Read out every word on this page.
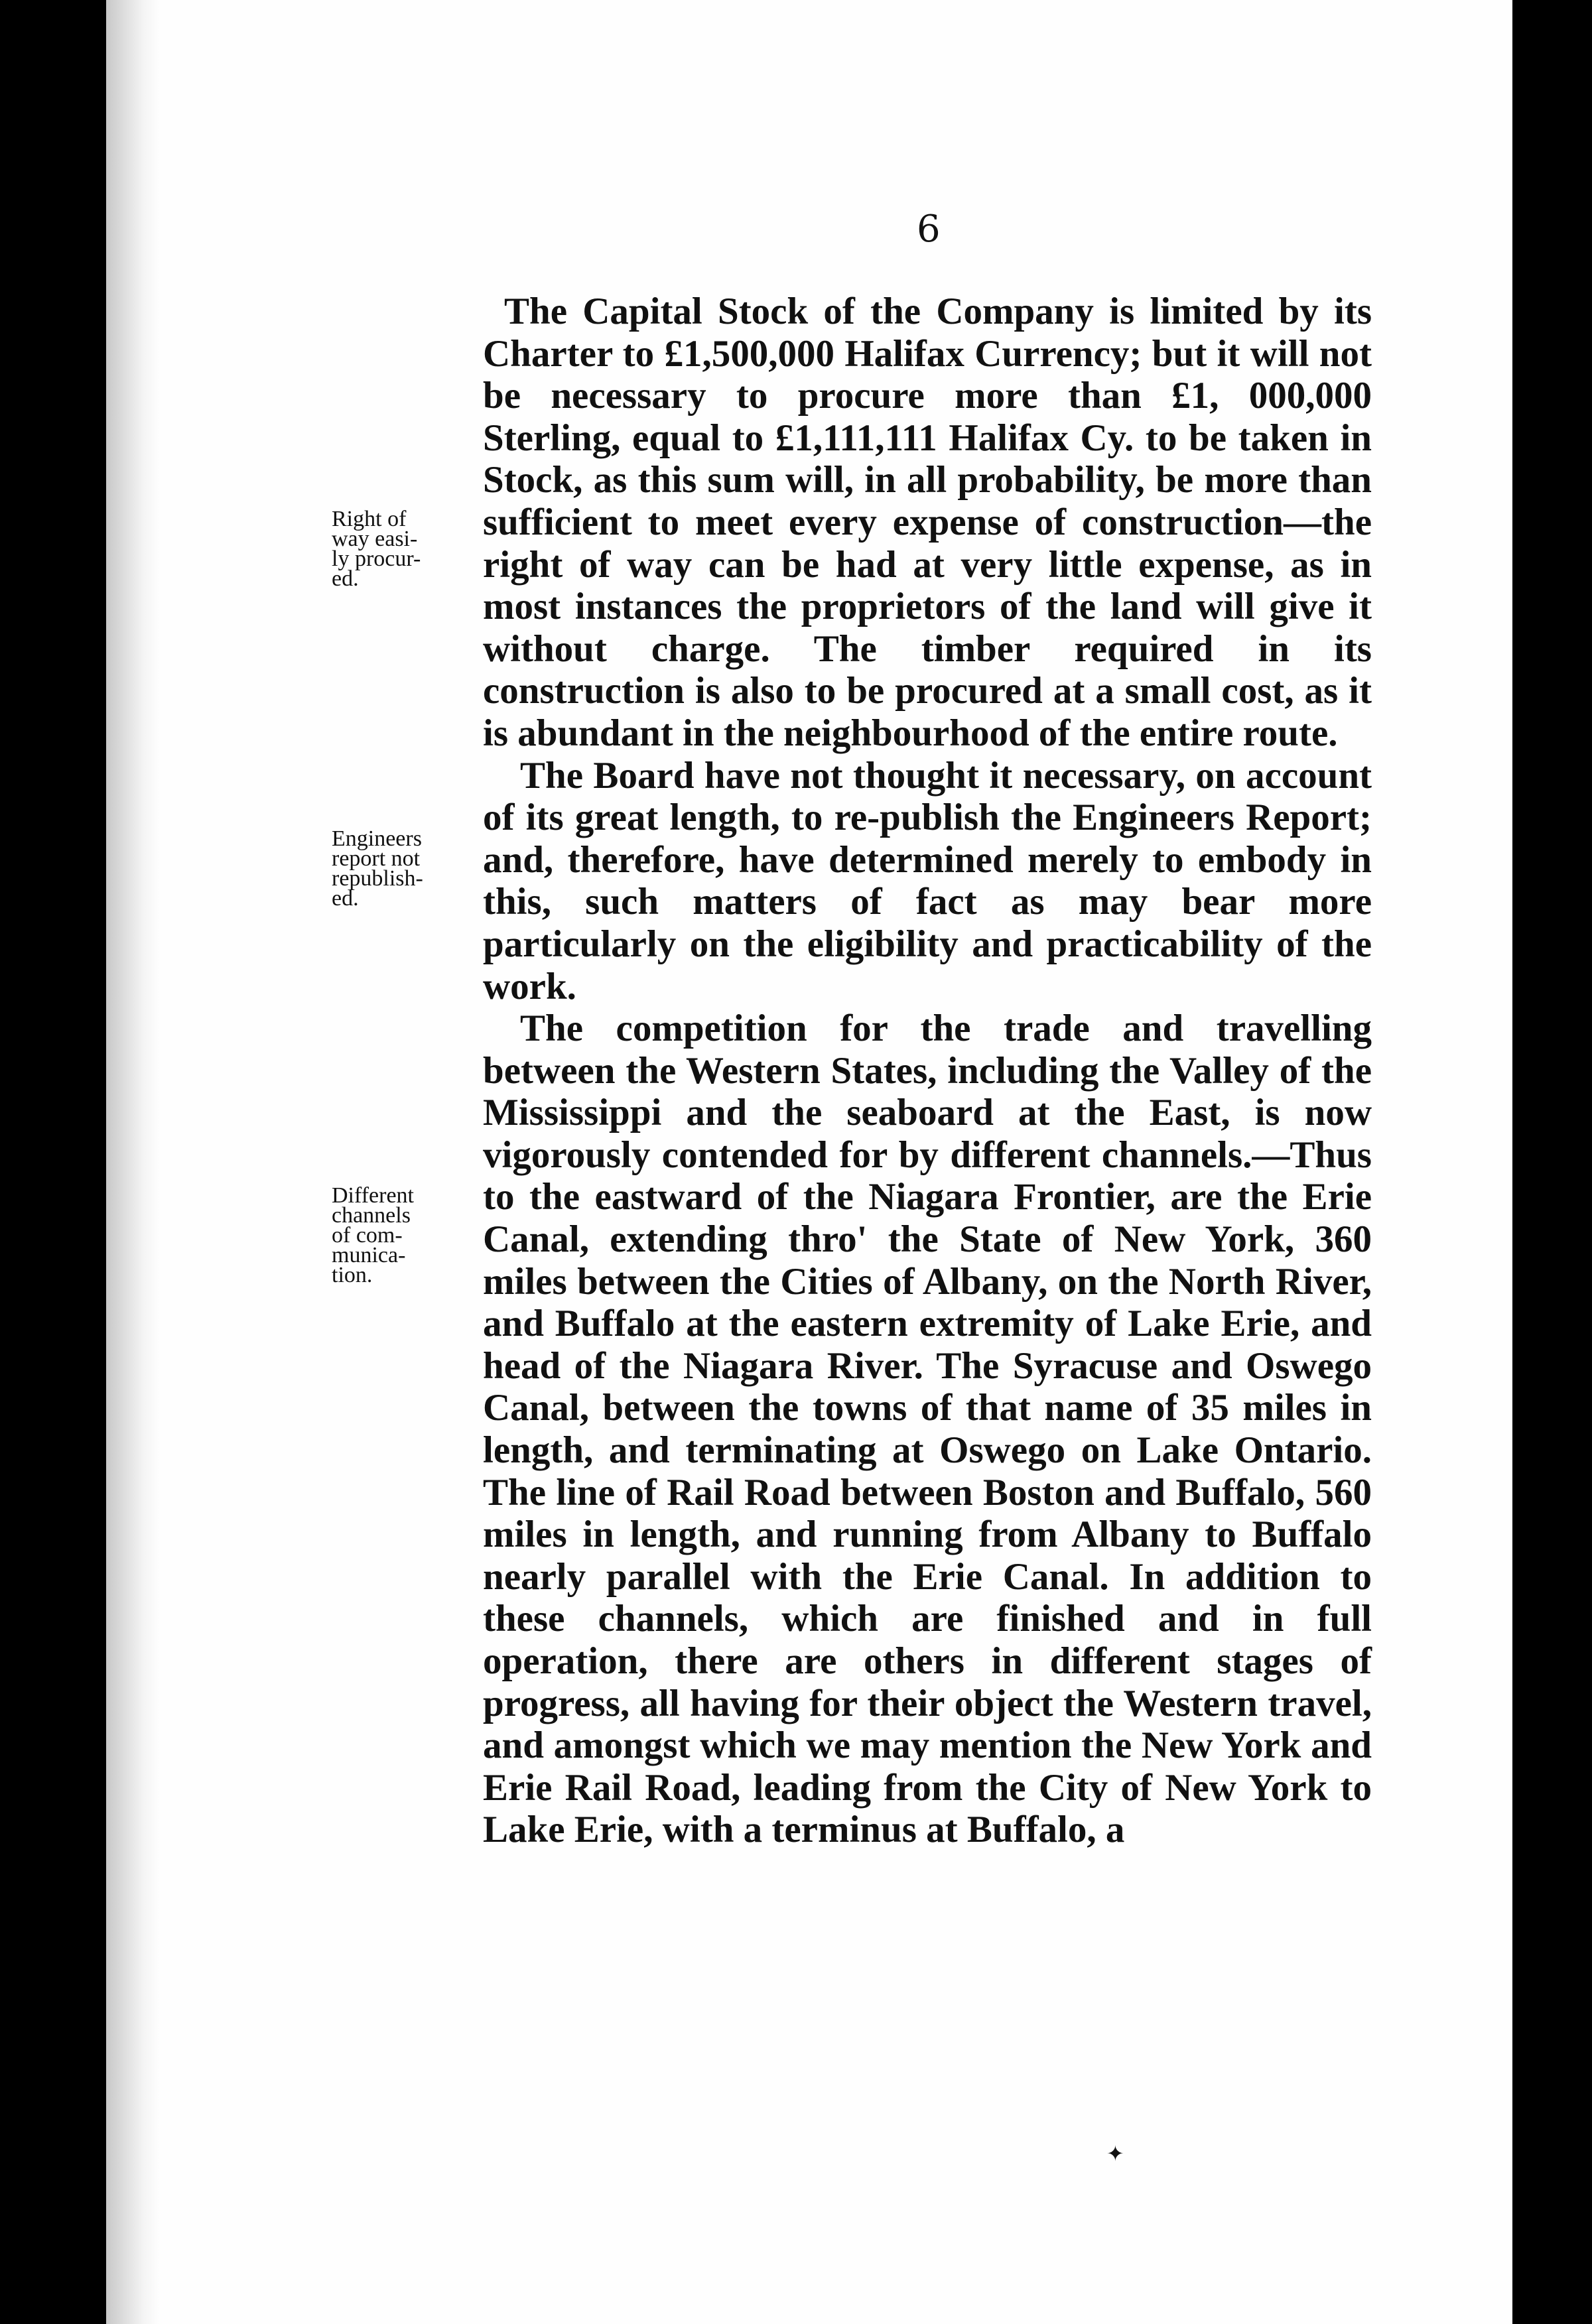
6
Right of
way easi-
ly procur-
ed.
Engineers
report not
republish-
ed.
Different
channels
of com-
munica-
tion.

The Capital Stock of the Company is limited by its Charter to £1,500,000 Halifax Currency; but it will not be necessary to procure more than £1, 000,000 Sterling, equal to £1,111,111 Halifax Cy. to be taken in Stock, as this sum will, in all probability, be more than sufficient to meet every expense of construction—the right of way can be had at very little expense, as in most instances the proprietors of the land will give it without charge. The timber required in its construction is also to be procured at a small cost, as it is abundant in the neighbourhood of the entire route.

The Board have not thought it necessary, on account of its great length, to re-publish the Engineers Report; and, therefore, have determined merely to embody in this, such matters of fact as may bear more particularly on the eligibility and practicability of the work.

The competition for the trade and travelling between the Western States, including the Valley of the Mississippi and the seaboard at the East, is now vigorously contended for by different channels.—Thus to the eastward of the Niagara Frontier, are the Erie Canal, extending thro' the State of New York, 360 miles between the Cities of Albany, on the North River, and Buffalo at the eastern extremity of Lake Erie, and head of the Niagara River. The Syracuse and Oswego Canal, between the towns of that name of 35 miles in length, and terminating at Oswego on Lake Ontario. The line of Rail Road between Boston and Buffalo, 560 miles in length, and running from Albany to Buffalo nearly parallel with the Erie Canal. In addition to these channels, which are finished and in full operation, there are others in different stages of progress, all having for their object the Western travel, and amongst which we may mention the New York and Erie Rail Road, leading from the City of New York to Lake Erie, with a terminus at Buffalo, a

✦
